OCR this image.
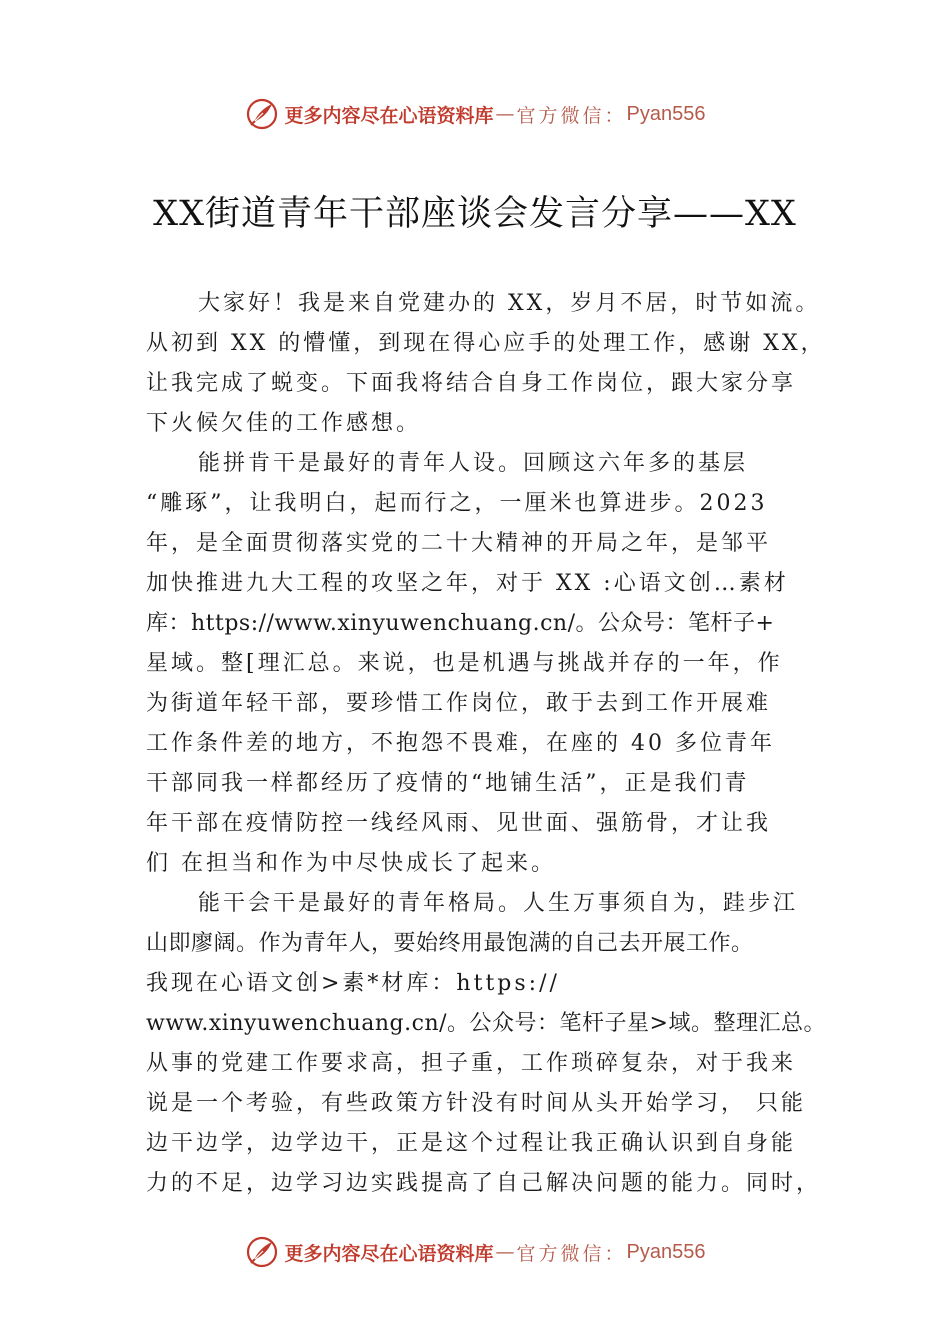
更多内容尽在心语资料库 — 官方微信： Pyan556
XX街道青年干部座谈会发言分享——XX
大家好！我是来自党建办的 XX，岁月不居，时节如流。
从初到 XX 的懵懂，到现在得心应手的处理工作，感谢 XX，
让我完成了蜕变。下面我将结合自身工作岗位，跟大家分享
下火候欠佳的工作感想。
能拼肯干是最好的青年人设。回顾这六年多的基层
“雕琢”，让我明白，起而行之，一厘米也算进步。2023
年，是全面贯彻落实党的二十大精神的开局之年，是邹平
加快推进九大工程的攻坚之年，对于 XX :心语文创…素材
库：https://www.xinyuwenchuang.cn/。公众号：笔杆子+
星域。整[理汇总。来说，也是机遇与挑战并存的一年，作
为街道年轻干部，要珍惜工作岗位，敢于去到工作开展难
工作条件差的地方，不抱怨不畏难，在座的 40 多位青年
干部同我一样都经历了疫情的“地铺生活”，正是我们青
年干部在疫情防控一线经风雨、见世面、强筋骨，才让我
们 在担当和作为中尽快成长了起来。
能干会干是最好的青年格局。人生万事须自为，跬步江
山即廖阔。作为青年人，要始终用最饱满的自己去开展工作。
我现在心语文创>素*材库：https://
www.xinyuwenchuang.cn/。公众号：笔杆子星>域。整理汇总。
从事的党建工作要求高，担子重，工作琐碎复杂，对于我来
说是一个考验，有些政策方针没有时间从头开始学习， 只能
边干边学，边学边干，正是这个过程让我正确认识到自身能
力的不足，边学习边实践提高了自己解决问题的能力。同时，
更多内容尽在心语资料库 — 官方微信： Pyan556
